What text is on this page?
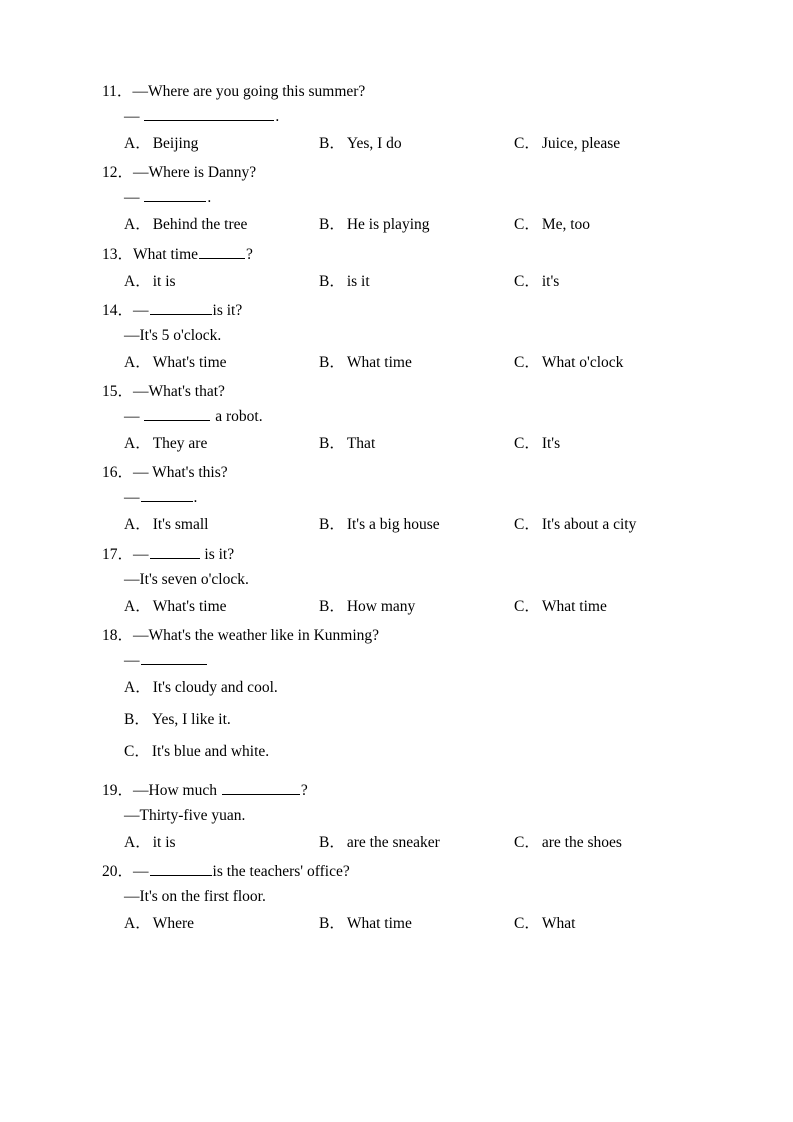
11．—Where are you going this summer?

—	.

A． Beijing	B． Yes, I do	C． Juice, please

12．—Where is Danny?

—	.

A． Behind the tree	B． He is playing	C． Me, too

13．What time	?

A． it is	B． is it	C． it's

14．—	is it?

—It's 5 o'clock.

A． What's time	B． What time	C． What o'clock

15．—What's that?

—	a robot.

A． They are	B． That	C． It's

16．— What's this?

—	.

A． It's small	B． It's a big house	C． It's about a city

17．—	is it?

—It's seven o'clock.

A． What's time	B． How many	C． What time

18．—What's the weather like in Kunming?

—

A． It's cloudy and cool.
B． Yes, I like it.
C． It's blue and white.

19．—How much	?

—Thirty-five yuan.

A． it is	B． are the sneaker	C． are the shoes

20．—	is the teachers' office?

—It's on the first floor.

A． Where	B． What time	C． What
